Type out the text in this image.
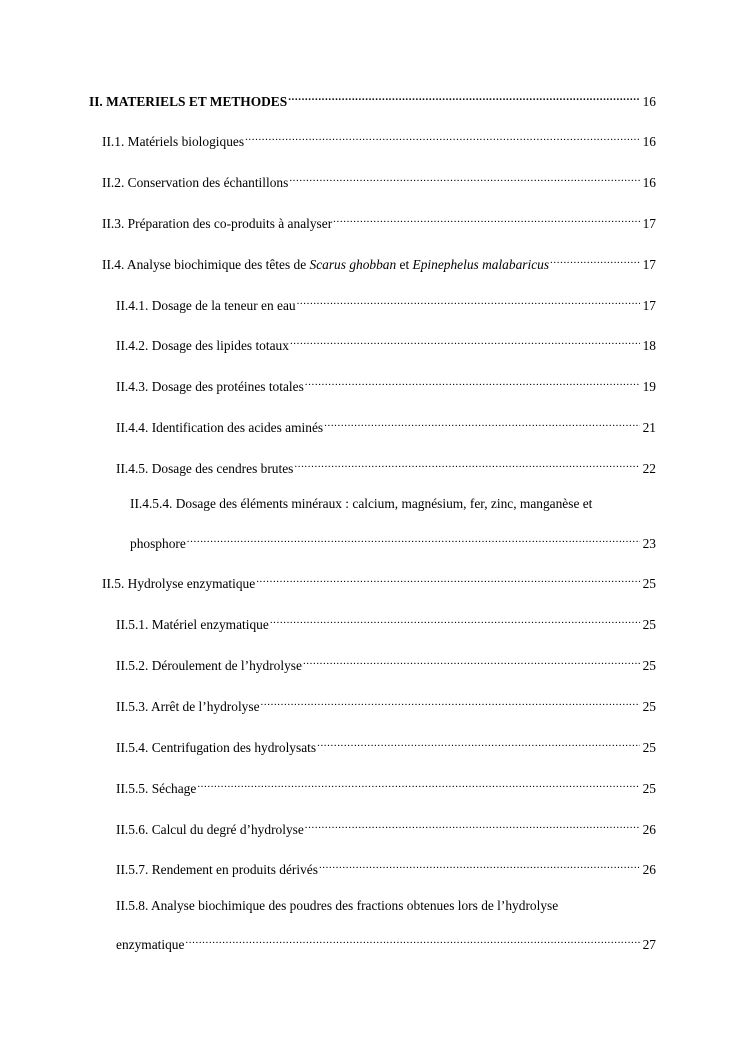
II. MATERIELS ET METHODES .....	16
II.1. Matériels biologiques .....	16
II.2. Conservation des échantillons .....	16
II.3. Préparation des co-produits à analyser .....	17
II.4. Analyse biochimique des têtes de Scarus ghobban et Epinephelus malabaricus .....	17
II.4.1. Dosage de la teneur en eau .....	17
II.4.2. Dosage des lipides totaux .....	18
II.4.3. Dosage des protéines totales .....	19
II.4.4. Identification des acides aminés .....	21
II.4.5. Dosage des cendres brutes .....	22
II.4.5.4. Dosage des éléments minéraux : calcium, magnésium, fer, zinc, manganèse et
phosphore .....	23
II.5. Hydrolyse enzymatique .....	25
II.5.1. Matériel enzymatique .....	25
II.5.2. Déroulement de l’hydrolyse .....	25
II.5.3. Arrêt de l’hydrolyse .....	25
II.5.4. Centrifugation des hydrolysats .....	25
II.5.5. Séchage .....	25
II.5.6. Calcul du degré d’hydrolyse .....	26
II.5.7. Rendement en produits dérivés .....	26
II.5.8. Analyse biochimique des poudres des fractions obtenues lors de l’hydrolyse
enzymatique .....	27
